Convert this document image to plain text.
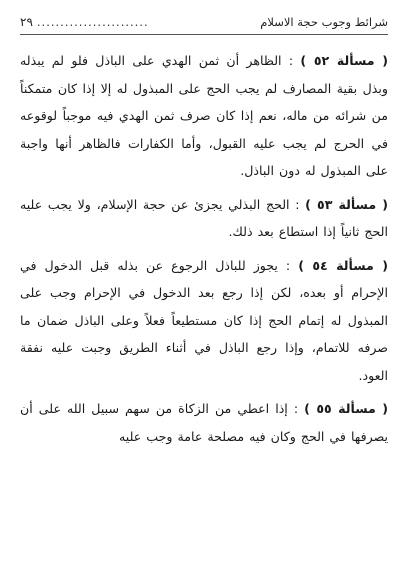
شرائط وجوب حجة الاسلام
........................
٢٩

( مسألة ٥٢ ) : الظاهر أن ثمن الهدي على الباذل فلو لم يبذله وبذل بقية المصارف لم يجب الحج على المبذول له إلا إذا كان متمكناً من شرائه من ماله، نعم إذا كان صرف ثمن الهدي فيه موجباً لوقوعه في الحرج لم يجب عليه القبول، وأما الكفارات فالظاهر أنها واجبة على المبذول له دون الباذل.

( مسألة ٥٣ ) : الحج البذلي يجزئ عن حجة الإسلام، ولا يجب عليه الحج ثانياً إذا استطاع بعد ذلك.

( مسألة ٥٤ ) : يجوز للباذل الرجوع عن بذله قبل الدخول في الإحرام أو بعده، لكن إذا رجع بعد الدخول في الإحرام وجب على المبذول له إتمام الحج إذا كان مستطيعاً فعلاً وعلى الباذل ضمان ما صرفه للاتمام، وإذا رجع الباذل في أثناء الطريق وجبت عليه نفقة العود.

( مسألة ٥٥ ) : إذا اعطي من الزكاة من سهم سبيل الله على أن يصرفها في الحج وكان فيه مصلحة عامة وجب عليه
